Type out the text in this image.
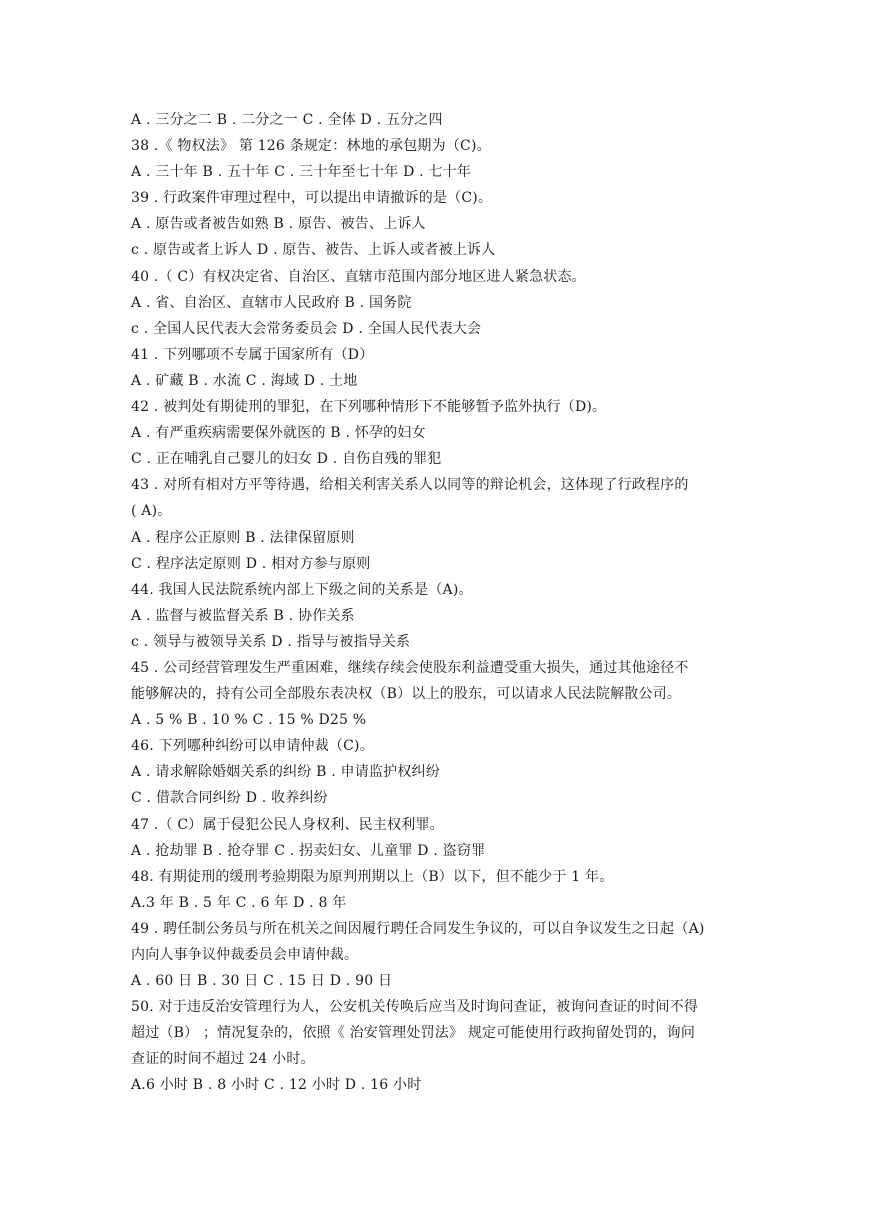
A . 三分之二 B . 二分之一 C . 全体 D . 五分之四
38 .《 物权法》 第 126 条规定：林地的承包期为（C)。
A . 三十年 B . 五十年 C . 三十年至七十年 D . 七十年
39 . 行政案件审理过程中，可以提出申请撤诉的是（C)。
A . 原告或者被告如熟 B . 原告、被告、上诉人
c . 原告或者上诉人 D . 原告、被告、上诉人或者被上诉人
40 .（ C）有权决定省、自治区、直辖市范围内部分地区进人紧急状态。
A . 省、自治区、直辖市人民政府 B . 国务院
c . 全国人民代表大会常务委员会 D . 全国人民代表大会
41 . 下列哪项不专属于国家所有（D）
A . 矿藏 B . 水流 C . 海域 D . 土地
42 . 被判处有期徒刑的罪犯，在下列哪种情形下不能够暂予监外执行（D)。
A . 有严重疾病需要保外就医的 B . 怀孕的妇女
C . 正在哺乳自己婴儿的妇女 D . 自伤自残的罪犯
43 . 对所有相对方平等待遇，给相关利害关系人以同等的辩论机会，这体现了行政程序的
( A)。
A . 程序公正原则 B . 法律保留原则
C . 程序法定原则 D . 相对方参与原则
44. 我国人民法院系统内部上下级之间的关系是（A)。
A . 监督与被监督关系 B . 协作关系
c . 领导与被领导关系 D . 指导与被指导关系
45 . 公司经营管理发生严重困难，继续存续会使股东利益遭受重大损失，通过其他途径不
能够解决的，持有公司全部股东表决权（B）以上的股东，可以请求人民法院解散公司。
A . 5 % B . 10 % C . 15 % D25 %
46. 下列哪种纠纷可以申请仲裁（C)。
A . 请求解除婚姻关系的纠纷 B . 申请监护权纠纷
C . 借款合同纠纷 D . 收养纠纷
47 .（ C）属于侵犯公民人身权利、民主权利罪。
A . 抢劫罪 B . 抢夺罪 C . 拐卖妇女、儿童罪 D . 盗窃罪
48. 有期徒刑的缓刑考验期限为原判刑期以上（B）以下，但不能少于 1 年。
A.3 年 B . 5 年 C . 6 年 D . 8 年
49 . 聘任制公务员与所在机关之间因履行聘任合同发生争议的，可以自争议发生之日起（A)
内向人事争议仲裁委员会申请仲裁。
A . 60 日 B . 30 日 C . 15 日 D . 90 日
50. 对于违反治安管理行为人，公安机关传唤后应当及时询问查证，被询问查证的时间不得
超过（B） ；情况复杂的，依照《 治安管理处罚法》 规定可能使用行政拘留处罚的，询问
查证的时间不超过 24 小时。
A.6 小时 B . 8 小时 C . 12 小时 D . 16 小时
